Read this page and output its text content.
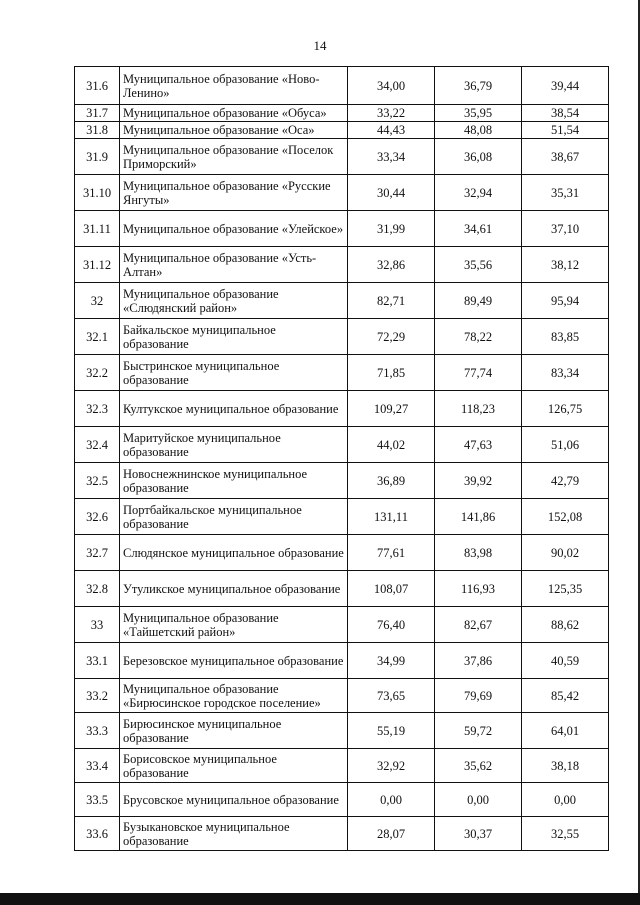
14
31.6	Муниципальное образование «Ново-Ленино»	34,00	36,79	39,44
31.7	Муниципальное образование «Обуса»	33,22	35,95	38,54
31.8	Муниципальное образование «Оса»	44,43	48,08	51,54
31.9	Муниципальное образование «Поселок Приморский»	33,34	36,08	38,67
31.10	Муниципальное образование «Русские Янгуты»	30,44	32,94	35,31
31.11	Муниципальное образование «Улейское»	31,99	34,61	37,10
31.12	Муниципальное образование «Усть-Алтан»	32,86	35,56	38,12
32	Муниципальное образование «Слюдянский район»	82,71	89,49	95,94
32.1	Байкальское муниципальное образование	72,29	78,22	83,85
32.2	Быстринское муниципальное образование	71,85	77,74	83,34
32.3	Култукское муниципальное образование	109,27	118,23	126,75
32.4	Маритуйское муниципальное образование	44,02	47,63	51,06
32.5	Новоснежнинское муниципальное образование	36,89	39,92	42,79
32.6	Портбайкальское муниципальное образование	131,11	141,86	152,08
32.7	Слюдянское муниципальное образование	77,61	83,98	90,02
32.8	Утуликское муниципальное образование	108,07	116,93	125,35
33	Муниципальное образование «Тайшетский район»	76,40	82,67	88,62
33.1	Березовское муниципальное образование	34,99	37,86	40,59
33.2	Муниципальное образование «Бирюсинское городское поселение»	73,65	79,69	85,42
33.3	Бирюсинское муниципальное образование	55,19	59,72	64,01
33.4	Борисовское муниципальное образование	32,92	35,62	38,18
33.5	Брусовское муниципальное образование	0,00	0,00	0,00
33.6	Бузыкановское муниципальное образование	28,07	30,37	32,55
